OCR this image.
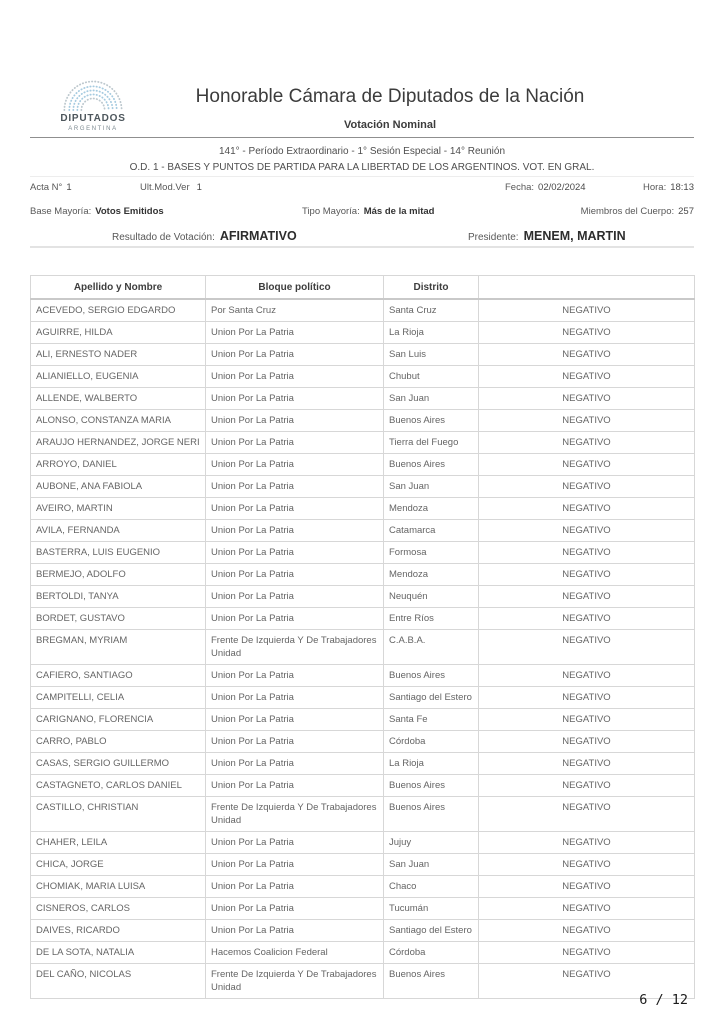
DIPUTADOS
ARGENTINA
Honorable Cámara de Diputados de la Nación
Votación Nominal
141° - Período Extraordinario - 1° Sesión Especial - 14° Reunión
O.D. 1 - BASES Y PUNTOS DE PARTIDA PARA LA LIBERTAD DE LOS ARGENTINOS. VOT. EN GRAL.
Acta N° 1	Ult.Mod.Ver 1	Fecha: 02/02/2024	Hora: 18:13
Base Mayoría: Votos Emitidos	Tipo Mayoría: Más de la mitad	Miembros del Cuerpo: 257
Resultado de Votación: AFIRMATIVO	Presidente: MENEM, MARTIN
Apellido y Nombre	Bloque político	Distrito	
ACEVEDO, SERGIO EDGARDO	Por Santa Cruz	Santa Cruz	NEGATIVO
AGUIRRE, HILDA	Union Por La Patria	La Rioja	NEGATIVO
ALI, ERNESTO NADER	Union Por La Patria	San Luis	NEGATIVO
ALIANIELLO, EUGENIA	Union Por La Patria	Chubut	NEGATIVO
ALLENDE, WALBERTO	Union Por La Patria	San Juan	NEGATIVO
ALONSO, CONSTANZA MARIA	Union Por La Patria	Buenos Aires	NEGATIVO
ARAUJO HERNANDEZ, JORGE NERI	Union Por La Patria	Tierra del Fuego	NEGATIVO
ARROYO, DANIEL	Union Por La Patria	Buenos Aires	NEGATIVO
AUBONE, ANA FABIOLA	Union Por La Patria	San Juan	NEGATIVO
AVEIRO, MARTIN	Union Por La Patria	Mendoza	NEGATIVO
AVILA, FERNANDA	Union Por La Patria	Catamarca	NEGATIVO
BASTERRA, LUIS EUGENIO	Union Por La Patria	Formosa	NEGATIVO
BERMEJO, ADOLFO	Union Por La Patria	Mendoza	NEGATIVO
BERTOLDI, TANYA	Union Por La Patria	Neuquén	NEGATIVO
BORDET, GUSTAVO	Union Por La Patria	Entre Ríos	NEGATIVO
BREGMAN, MYRIAM	Frente De Izquierda Y De Trabajadores Unidad	C.A.B.A.	NEGATIVO
CAFIERO, SANTIAGO	Union Por La Patria	Buenos Aires	NEGATIVO
CAMPITELLI, CELIA	Union Por La Patria	Santiago del Estero	NEGATIVO
CARIGNANO, FLORENCIA	Union Por La Patria	Santa Fe	NEGATIVO
CARRO, PABLO	Union Por La Patria	Córdoba	NEGATIVO
CASAS, SERGIO GUILLERMO	Union Por La Patria	La Rioja	NEGATIVO
CASTAGNETO, CARLOS DANIEL	Union Por La Patria	Buenos Aires	NEGATIVO
CASTILLO, CHRISTIAN	Frente De Izquierda Y De Trabajadores Unidad	Buenos Aires	NEGATIVO
CHAHER, LEILA	Union Por La Patria	Jujuy	NEGATIVO
CHICA, JORGE	Union Por La Patria	San Juan	NEGATIVO
CHOMIAK, MARIA LUISA	Union Por La Patria	Chaco	NEGATIVO
CISNEROS, CARLOS	Union Por La Patria	Tucumán	NEGATIVO
DAIVES, RICARDO	Union Por La Patria	Santiago del Estero	NEGATIVO
DE LA SOTA, NATALIA	Hacemos Coalicion Federal	Córdoba	NEGATIVO
DEL CAÑO, NICOLAS	Frente De Izquierda Y De Trabajadores Unidad	Buenos Aires	NEGATIVO
6 / 12
